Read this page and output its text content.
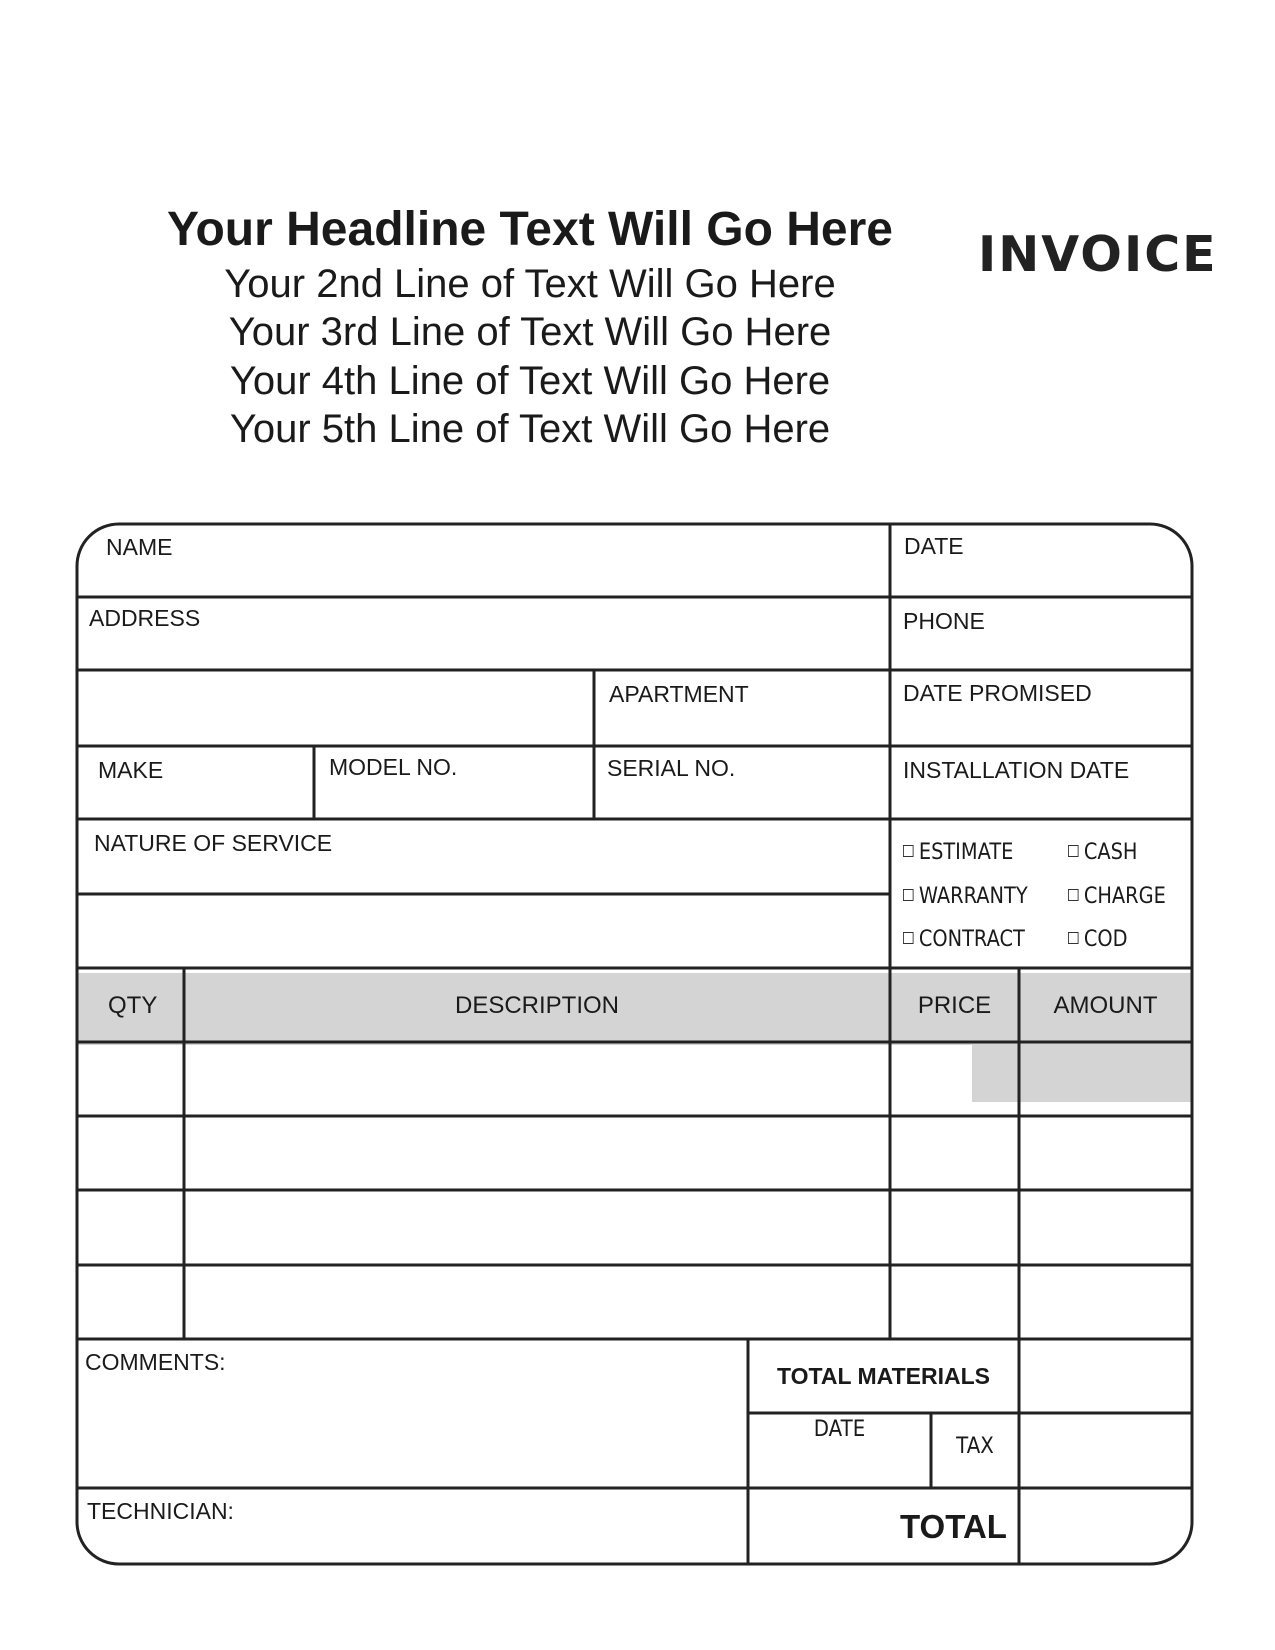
Your Headline Text Will Go Here
Your 2nd Line of Text Will Go Here
Your 3rd Line of Text Will Go Here
Your 4th Line of Text Will Go Here
Your 5th Line of Text Will Go Here
INVOICE
NAME	DATE
ADDRESS	PHONE
APARTMENT	DATE PROMISED
MAKE	MODEL NO.	SERIAL NO.	INSTALLATION DATE
NATURE OF SERVICE	ESTIMATE	CASH
WARRANTY	CHARGE
CONTRACT	COD
QTY	DESCRIPTION	PRICE	AMOUNT
COMMENTS:
TECHNICIAN:
TOTAL MATERIALS
DATE
TAX
TOTAL
